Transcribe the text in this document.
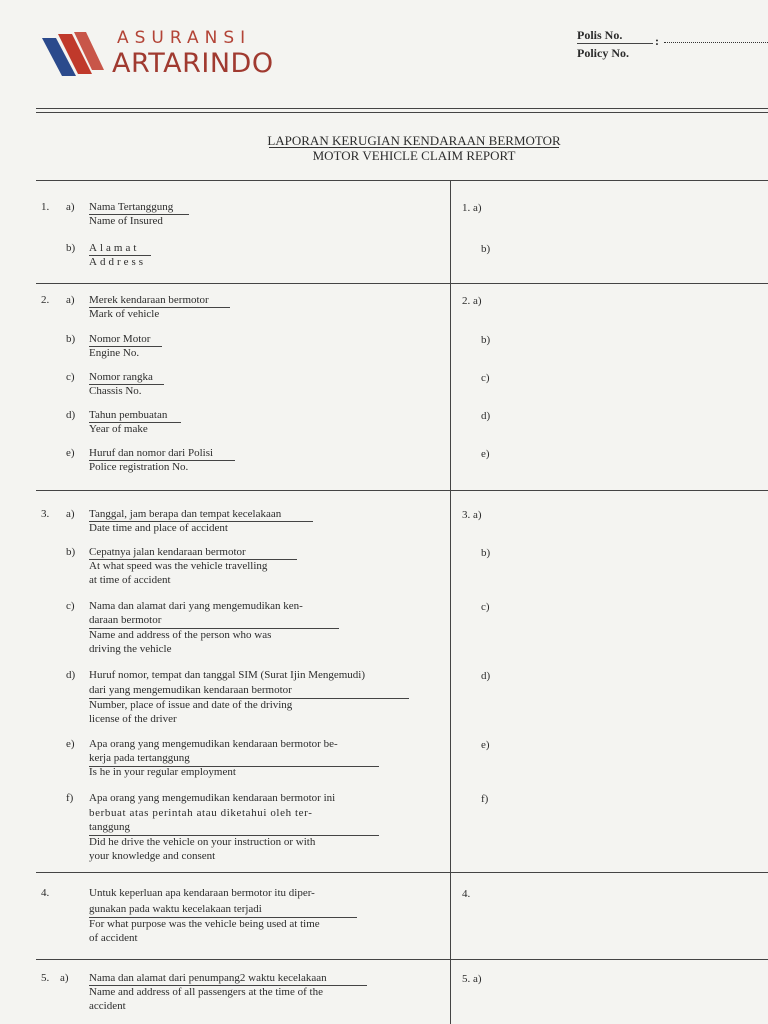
ASURANSI
ARTARINDO
Polis No.
Policy No.
:
LAPORAN KERUGIAN KENDARAAN BERMOTOR
MOTOR VEHICLE CLAIM REPORT
1. a) Nama Tertanggung
Name of Insured
1. a)
b) Alamat
Address
b)
2. a) Merek kendaraan bermotor
Mark of vehicle
2. a)
b) Nomor Motor
Engine No.
b)
c) Nomor rangka
Chassis No.
c)
d) Tahun pembuatan
Year of make
d)
e) Huruf dan nomor dari Polisi
Police registration No.
e)
3. a) Tanggal, jam berapa dan tempat kecelakaan
Date time and place of accident
3. a)
b) Cepatnya jalan kendaraan bermotor
At what speed was the vehicle travelling
at time of accident
b)
c) Nama dan alamat dari yang mengemudikan ken-
daraan bermotor
Name and address of the person who was
driving the vehicle
c)
d) Huruf nomor, tempat dan tanggal SIM (Surat Ijin Mengemudi)
dari yang mengemudikan kendaraan bermotor
Number, place of issue and date of the driving
license of the driver
d)
e) Apa orang yang mengemudikan kendaraan bermotor be-
kerja pada tertanggung
Is he in your regular employment
e)
f) Apa orang yang mengemudikan kendaraan bermotor ini
berbuat atas perintah atau diketahui oleh ter-
tanggung
Did he drive the vehicle on your instruction or with
your knowledge and consent
f)
4.	Untuk keperluan apa kendaraan bermotor itu diper-
gunakan pada waktu kecelakaan terjadi
For what purpose was the vehicle being used at time
of accident
4.
5. a) Nama dan alamat dari penumpang2 waktu kecelakaan
Name and address of all passengers at the time of the
accident
5. a)
